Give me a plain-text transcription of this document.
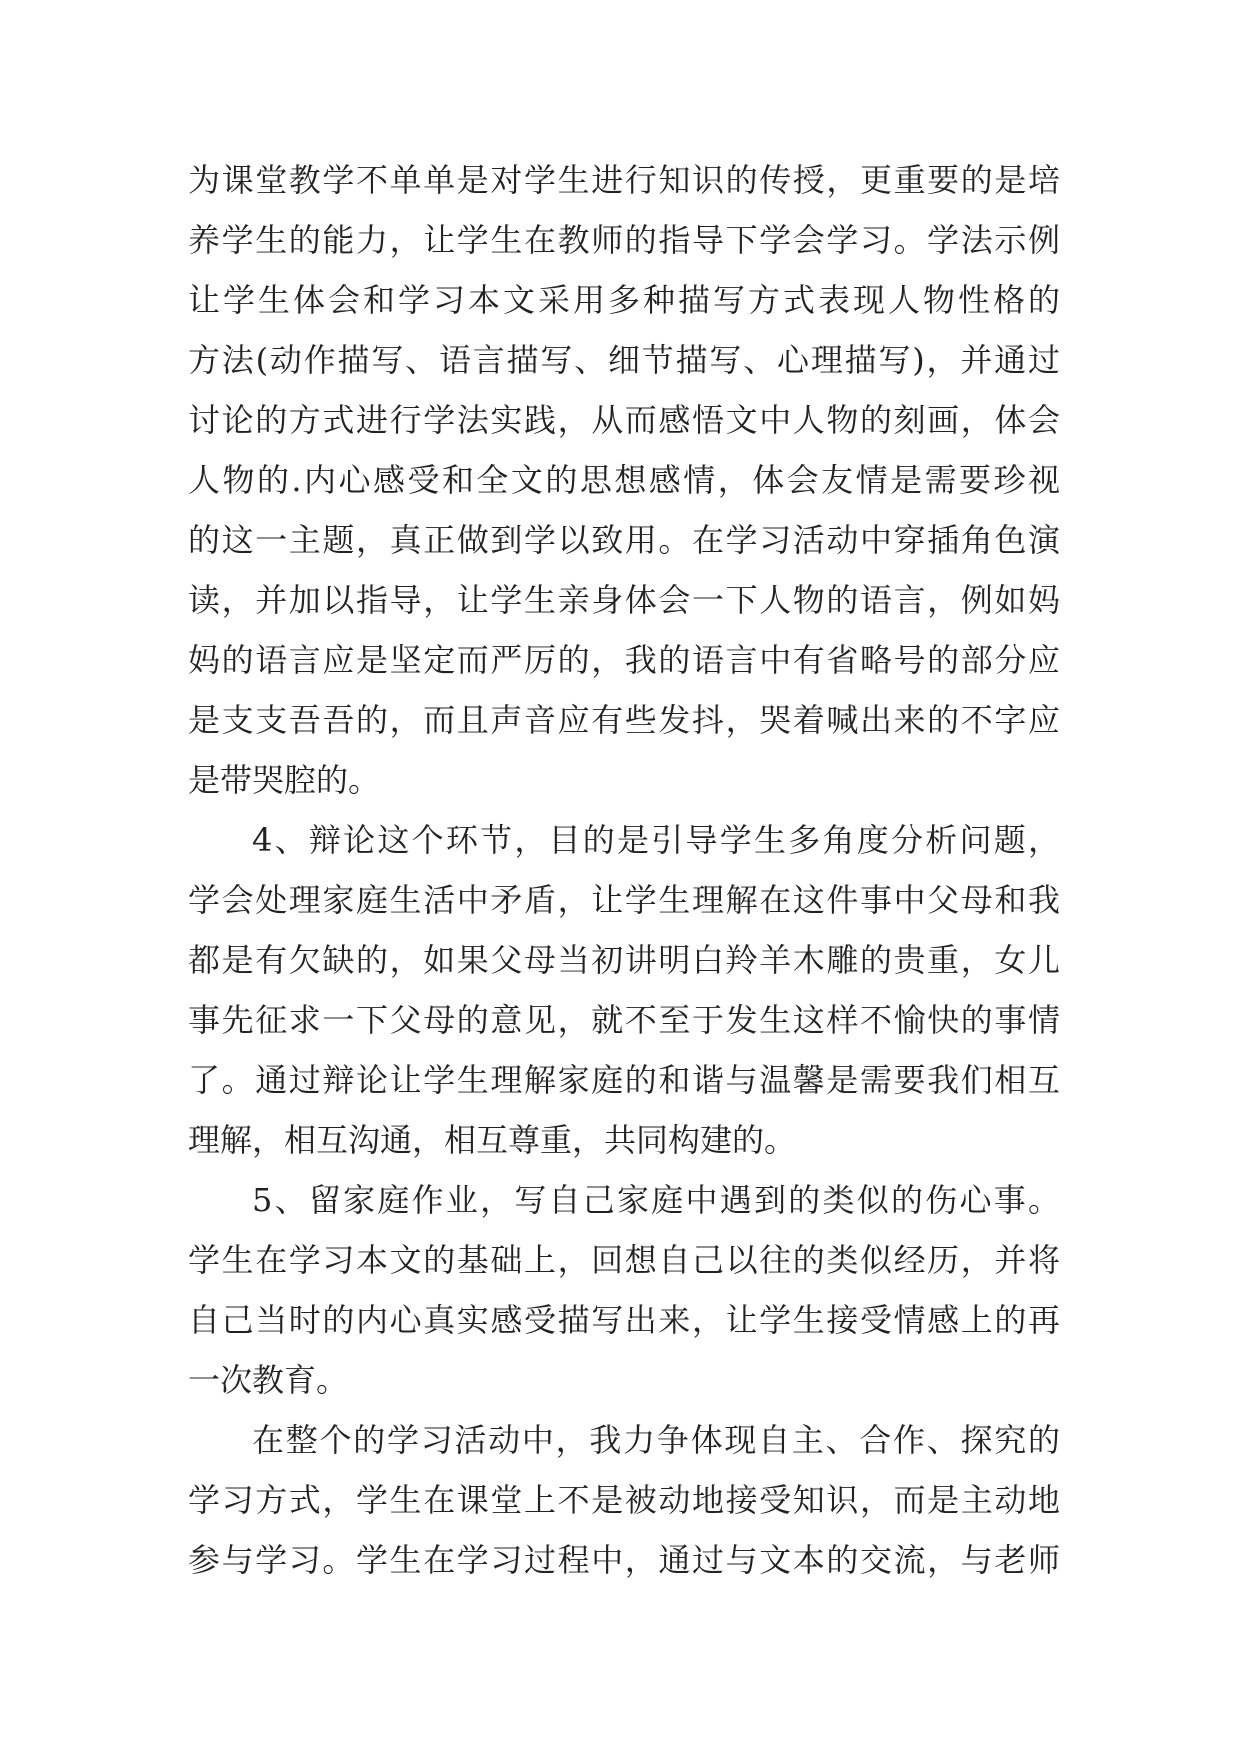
为课堂教学不单单是对学生进行知识的传授，更重要的是培
养学生的能力，让学生在教师的指导下学会学习。学法示例
让学生体会和学习本文采用多种描写方式表现人物性格的
方法(动作描写、语言描写、细节描写、心理描写)，并通过
讨论的方式进行学法实践，从而感悟文中人物的刻画，体会
人物的.内心感受和全文的思想感情，体会友情是需要珍视
的这一主题，真正做到学以致用。在学习活动中穿插角色演
读，并加以指导，让学生亲身体会一下人物的语言，例如妈
妈的语言应是坚定而严厉的，我的语言中有省略号的部分应
是支支吾吾的，而且声音应有些发抖，哭着喊出来的不字应
是带哭腔的。
4、辩论这个环节，目的是引导学生多角度分析问题，
学会处理家庭生活中矛盾，让学生理解在这件事中父母和我
都是有欠缺的，如果父母当初讲明白羚羊木雕的贵重，女儿
事先征求一下父母的意见，就不至于发生这样不愉快的事情
了。通过辩论让学生理解家庭的和谐与温馨是需要我们相互
理解，相互沟通，相互尊重，共同构建的。
5、留家庭作业，写自己家庭中遇到的类似的伤心事。
学生在学习本文的基础上，回想自己以往的类似经历，并将
自己当时的内心真实感受描写出来，让学生接受情感上的再
一次教育。
在整个的学习活动中，我力争体现自主、合作、探究的
学习方式，学生在课堂上不是被动地接受知识，而是主动地
参与学习。学生在学习过程中，通过与文本的交流，与老师
